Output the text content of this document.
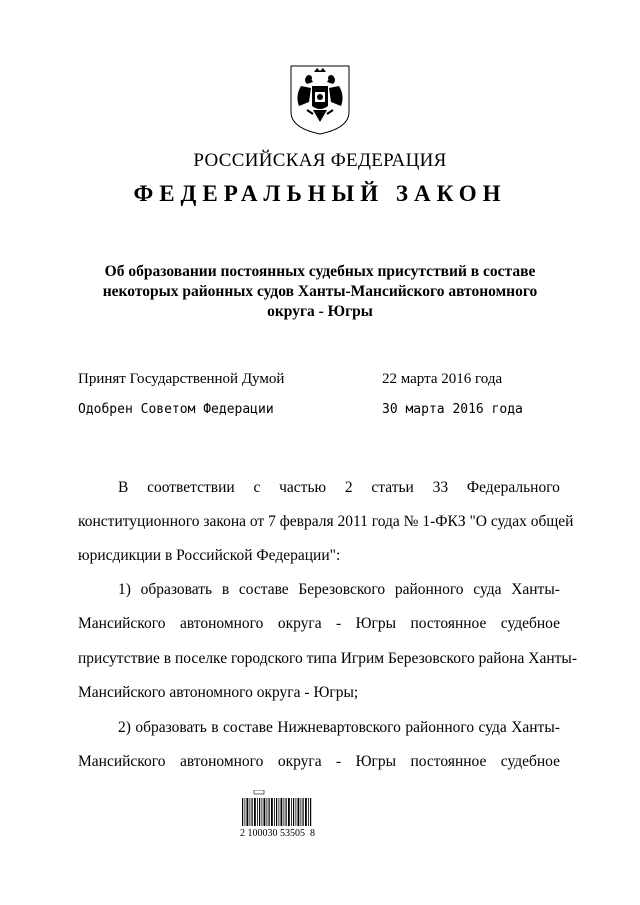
РОССИЙСКАЯ ФЕДЕРАЦИЯ
ФЕДЕРАЛЬНЫЙ ЗАКОН
Об образовании постоянных судебных присутствий в составе
некоторых районных судов Ханты-Мансийского автономного
округа - Югры
Принят Государственной Думой	22 марта 2016 года
Одобрен Советом Федерации	30 марта 2016 года
В соответствии с частью 2 статьи 33 Федерального
конституционного закона от 7 февраля 2011 года № 1-ФКЗ "О судах общей
юрисдикции в Российской Федерации":
1) образовать в составе Березовского районного суда Ханты-
Мансийского автономного округа - Югры постоянное судебное
присутствие в поселке городского типа Игрим Березовского района Ханты-
Мансийского автономного округа - Югры;
2) образовать в составе Нижневартовского районного суда Ханты-
Мансийского автономного округа - Югры постоянное судебное
2 100030 53505  8
